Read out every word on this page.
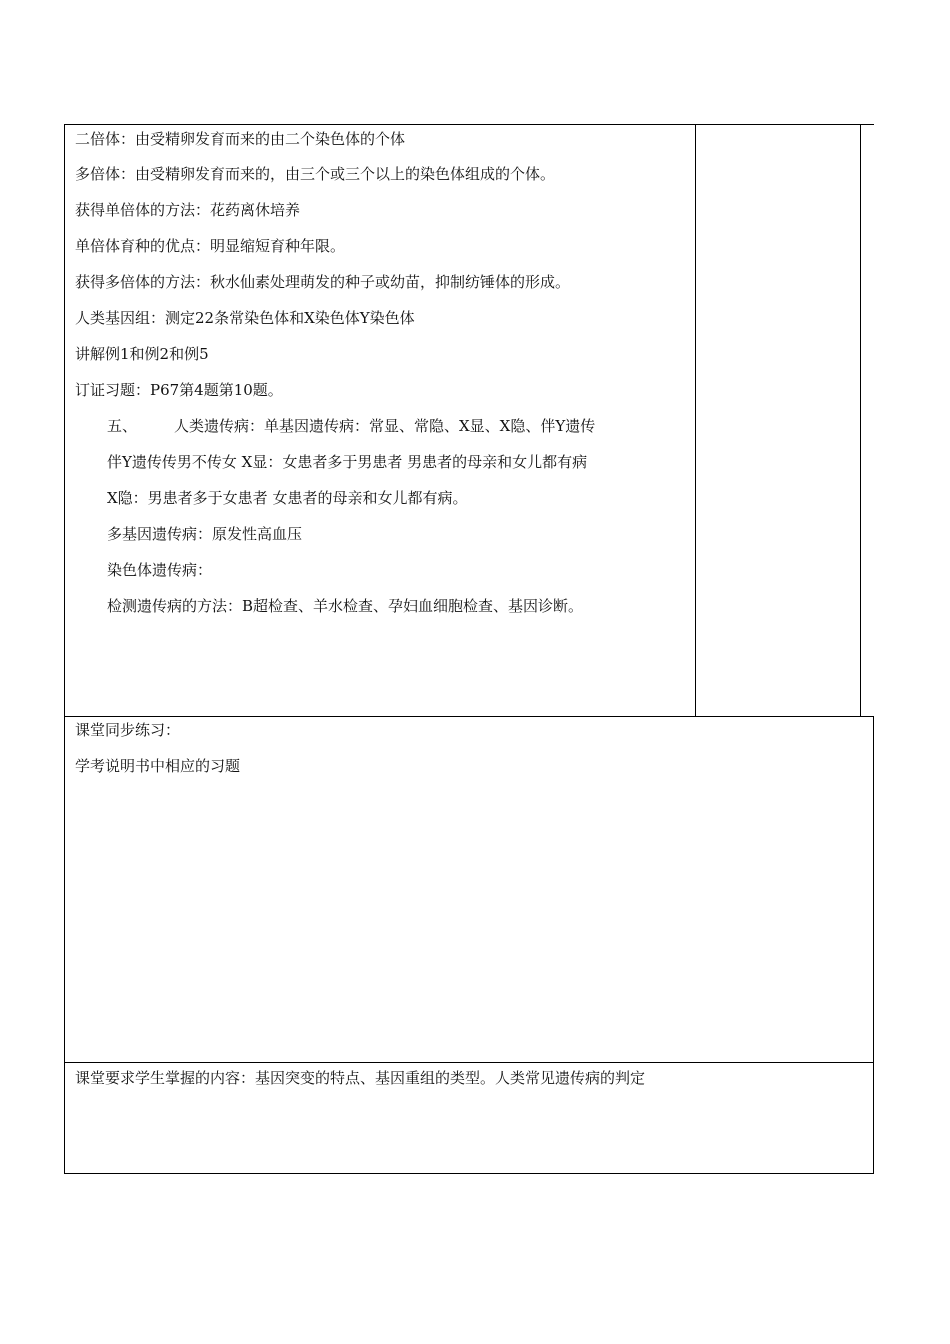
二倍体：由受精卵发育而来的由二个染色体的个体
多倍体：由受精卵发育而来的，由三个或三个以上的染色体组成的个体。
获得单倍体的方法：花药离休培养
单倍体育种的优点：明显缩短育种年限。
获得多倍体的方法：秋水仙素处理萌发的种子或幼苗，抑制纺锤体的形成。
人类基因组：测定22条常染色体和X染色体Y染色体
讲解例1和例2和例5
订证习题：P67第4题第10题。
五、 人类遗传病：单基因遗传病：常显、常隐、X显、X隐、伴Y遗传
伴Y遗传传男不传女 X显：女患者多于男患者 男患者的母亲和女儿都有病
X隐：男患者多于女患者 女患者的母亲和女儿都有病。
多基因遗传病：原发性高血压
染色体遗传病：
检测遗传病的方法：B超检查、羊水检查、孕妇血细胞检查、基因诊断。
课堂同步练习：
学考说明书中相应的习题
课堂要求学生掌握的内容：基因突变的特点、基因重组的类型。人类常见遗传病的判定
